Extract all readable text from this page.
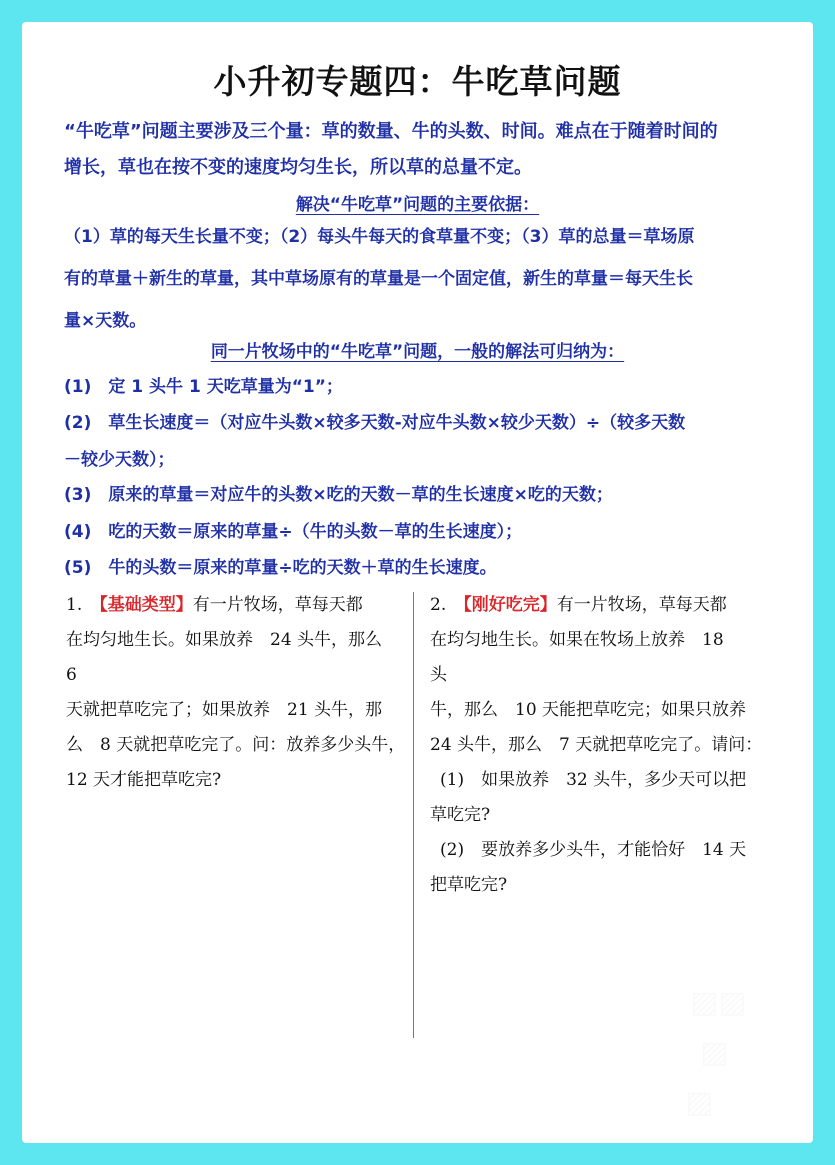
小升初专题四：牛吃草问题
“牛吃草”问题主要涉及三个量：草的数量、牛的头数、时间。难点在于随着时间的
增长，草也在按不变的速度均匀生长，所以草的总量不定。
解决“牛吃草”问题的主要依据：
（1）草的每天生长量不变；（2）每头牛每天的食草量不变；（3）草的总量＝草场原
有的草量＋新生的草量，其中草场原有的草量是一个固定值，新生的草量＝每天生长
量×天数。
同一片牧场中的“牛吃草”问题，一般的解法可归纳为：
(1)　定 1 头牛 1 天吃草量为“1”；
(2)　草生长速度＝（对应牛头数×较多天数-对应牛头数×较少天数）÷（较多天数
－较少天数）；
(3)　原来的草量＝对应牛的头数×吃的天数－草的生长速度×吃的天数；
(4)　吃的天数＝原来的草量÷（牛的头数－草的生长速度）；
(5)　牛的头数＝原来的草量÷吃的天数＋草的生长速度。
1.　 【基础类型】有一片牧场，草每天都
在均匀地生长。如果放养　24 头牛，那么
6
天就把草吃完了；如果放养　21 头牛，那
么　8 天就把草吃完了。问：放养多少头牛，
12 天才能把草吃完?
2.　 【刚好吃完】有一片牧场，草每天都
在均匀地生长。如果在牧场上放养　18
头
牛，那么　10 天能把草吃完；如果只放养
24 头牛，那么　7 天就把草吃完了。请问：
(1)　如果放养　32 头牛，多少天可以把
草吃完?
(2)　要放养多少头牛，才能恰好　14 天
把草吃完?
▨▨
▨
▨
